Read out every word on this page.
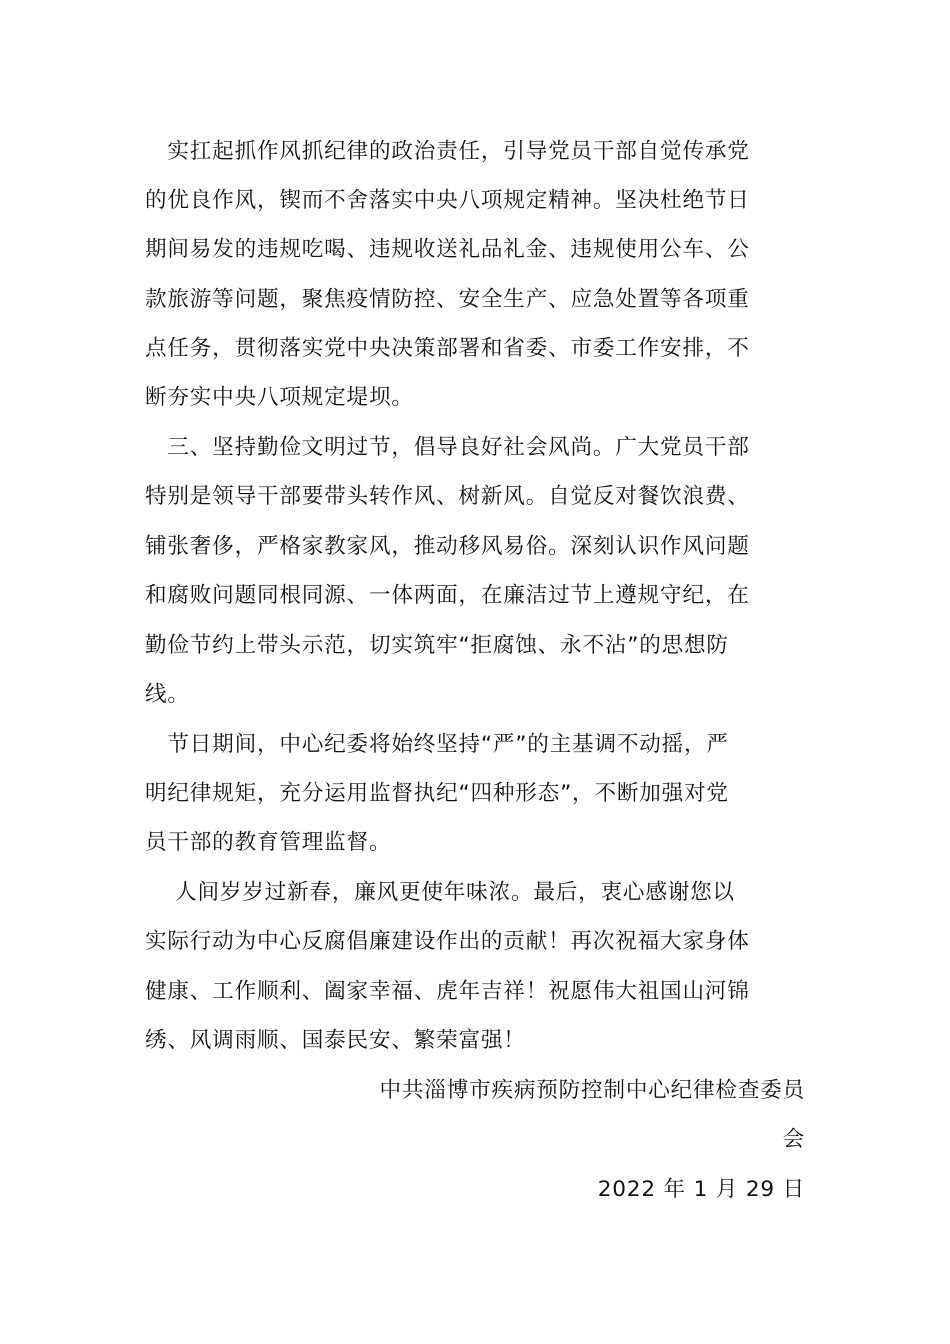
　实扛起抓作风抓纪律的政治责任，引导党员干部自觉传承党
的优良作风，锲而不舍落实中央八项规定精神。坚决杜绝节日
期间易发的违规吃喝、违规收送礼品礼金、违规使用公车、公
款旅游等问题，聚焦疫情防控、安全生产、应急处置等各项重
点任务，贯彻落实党中央决策部署和省委、市委工作安排，不
断夯实中央八项规定堤坝。
　三、坚持勤俭文明过节，倡导良好社会风尚。广大党员干部
特别是领导干部要带头转作风、树新风。自觉反对餐饮浪费、
铺张奢侈，严格家教家风，推动移风易俗。深刻认识作风问题
和腐败问题同根同源、一体两面，在廉洁过节上遵规守纪，在
勤俭节约上带头示范，切实筑牢“拒腐蚀、永不沾”的思想防
线。
　节日期间，中心纪委将始终坚持“严”的主基调不动摇，严
明纪律规矩，充分运用监督执纪“四种形态”，不断加强对党
员干部的教育管理监督。
　 人间岁岁过新春，廉风更使年味浓。最后，衷心感谢您以
实际行动为中心反腐倡廉建设作出的贡献！再次祝福大家身体
健康、工作顺利、阖家幸福、虎年吉祥！祝愿伟大祖国山河锦
绣、风调雨顺、国泰民安、繁荣富强！
中共淄博市疾病预防控制中心纪律检查委员
会
2022 年 1 月 29 日
